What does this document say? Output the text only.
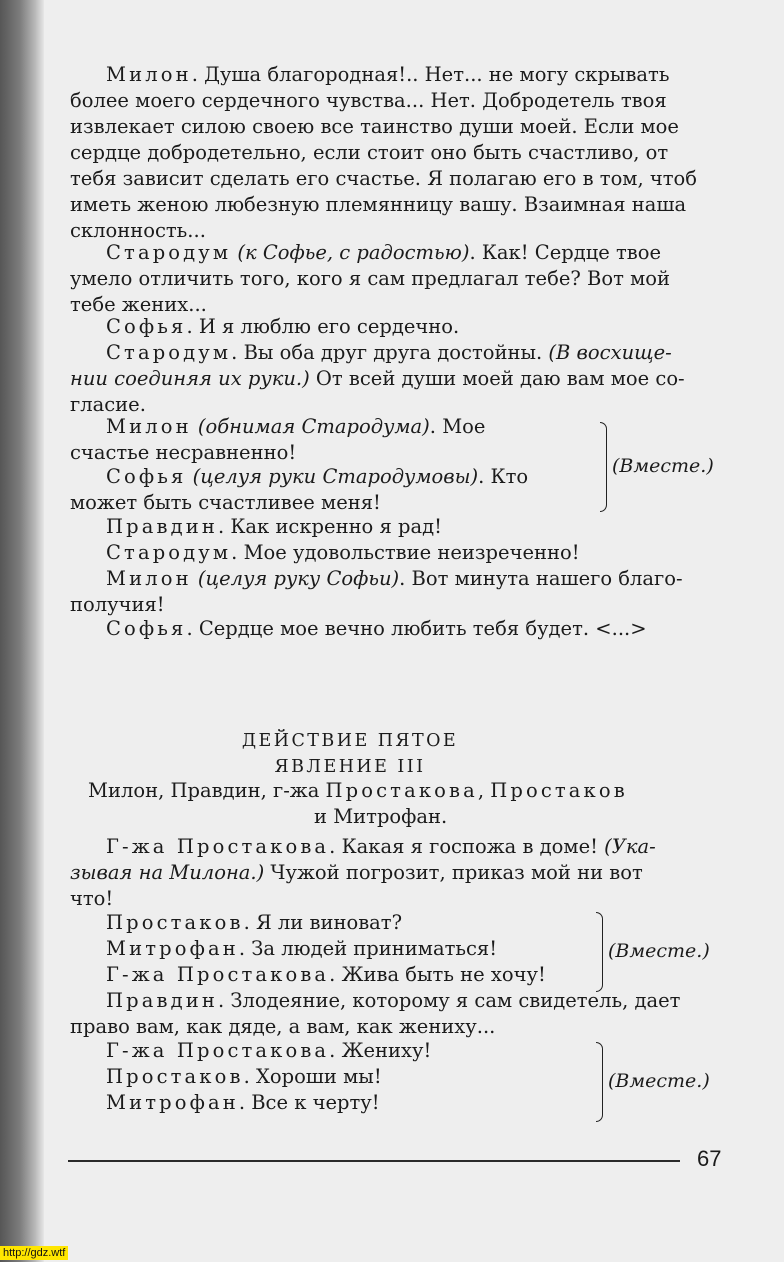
Милон. Душа благородная!.. Нет... не могу скрывать
более моего сердечного чувства... Нет. Добродетель твоя
извлекает силою своею все таинство души моей. Если мое
сердце добродетельно, если стоит оно быть счастливо, от
тебя зависит сделать его счастье. Я полагаю его в том, чтоб
иметь женою любезную племянницу вашу. Взаимная наша
склонность...
Стародум (к Софье, с радостью). Как! Сердце твое
умело отличить того, кого я сам предлагал тебе? Вот мой
тебе жених...
Софья. И я люблю его сердечно.
Стародум. Вы оба друг друга достойны. (В восхище-
нии соединяя их руки.) От всей души моей даю вам мое со-
гласие.
Милон (обнимая Стародума). Мое
счастье несравненно!
Софья (целуя руки Стародумовы). Кто
может быть счастливее меня!
(Вместе.)
Правдин. Как искренно я рад!
Стародум. Мое удовольствие неизреченно!
Милон (целуя руку Софьи). Вот минута нашего благо-
получия!
Софья. Сердце мое вечно любить тебя будет. <...>
ДЕЙСТВИЕ ПЯТОЕ
ЯВЛЕНИЕ III
Милон, Правдин, г-жа Простакова, Простаков
и Митрофан.
Г-жа Простакова. Какая я госпожа в доме! (Ука-
зывая на Милона.) Чужой погрозит, приказ мой ни вот
что!
Простаков. Я ли виноват?
Митрофан. За людей приниматься!
Г-жа Простакова. Жива быть не хочу!
(Вместе.)
Правдин. Злодеяние, которому я сам свидетель, дает
право вам, как дяде, а вам, как жениху...
Г-жа Простакова. Жениху!
Простаков. Хороши мы!
Митрофан. Все к черту!
(Вместе.)
67
http://gdz.wtf
